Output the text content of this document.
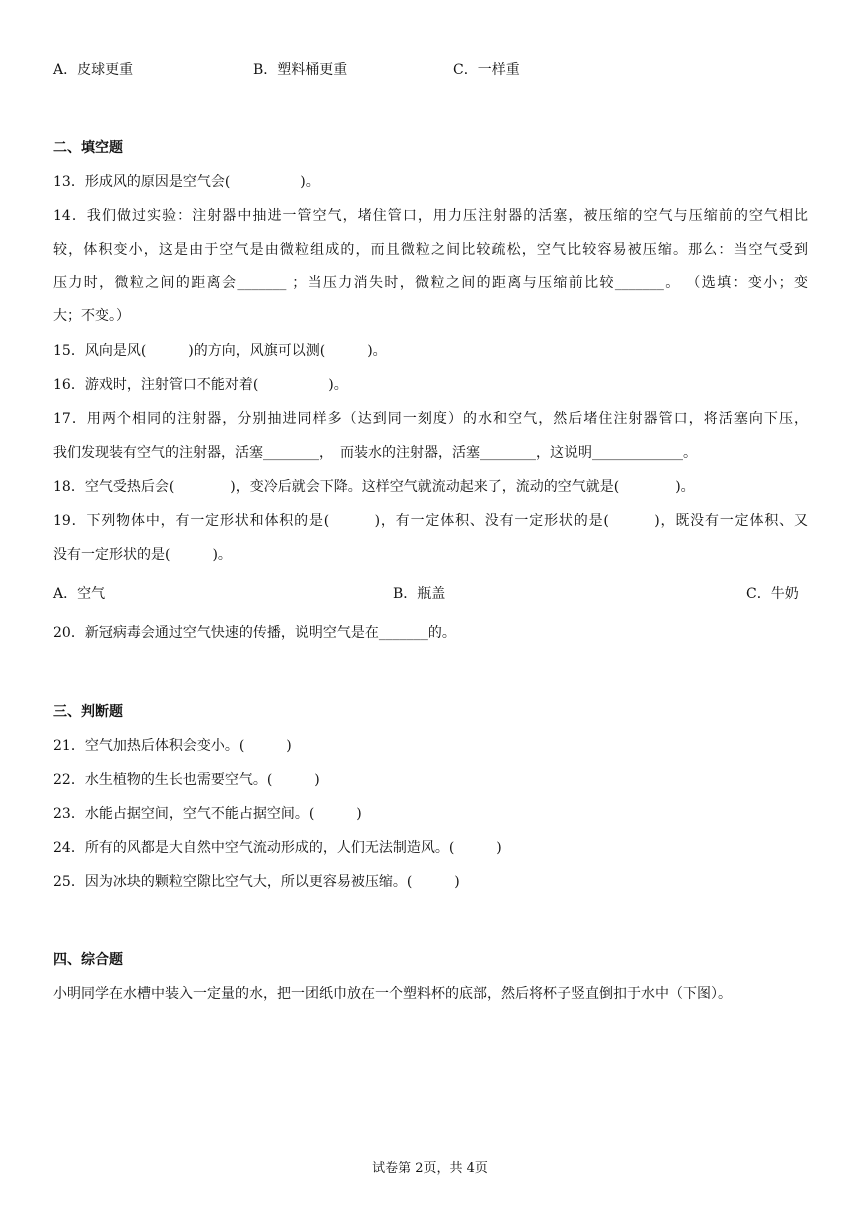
A．皮球更重	B．塑料桶更重	C．一样重
二、填空题
13．形成风的原因是空气会(　　　　　)。
14．我们做过实验：注射器中抽进一管空气，堵住管口，用力压注射器的活塞，被压缩的空气与压缩前的空气相比
较，体积变小，这是由于空气是由微粒组成的，而且微粒之间比较疏松，空气比较容易被压缩。那么：当空气受到
压力时，微粒之间的距离会_______ ；当压力消失时，微粒之间的距离与压缩前比较_______。 （选填：变小；变
大；不变。）
15．风向是风(　　　)的方向，风旗可以测(　　　)。
16．游戏时，注射管口不能对着(　　　　　)。
17．用两个相同的注射器，分别抽进同样多（达到同一刻度）的水和空气，然后堵住注射器管口，将活塞向下压，
我们发现装有空气的注射器，活塞________，　而装水的注射器，活塞________，这说明_____________。
18．空气受热后会(　　　　)，变冷后就会下降。这样空气就流动起来了，流动的空气就是(　　　　)。
19．下列物体中，有一定形状和体积的是(　　　)，有一定体积、没有一定形状的是(　　　)，既没有一定体积、又
没有一定形状的是(　　　)。
A．空气	B．瓶盖	C．牛奶
20．新冠病毒会通过空气快速的传播，说明空气是在_______的。
三、判断题
21．空气加热后体积会变小。(　　　)
22．水生植物的生长也需要空气。(　　　)
23．水能占据空间，空气不能占据空间。(　　　)
24．所有的风都是大自然中空气流动形成的，人们无法制造风。(　　　)
25．因为冰块的颗粒空隙比空气大，所以更容易被压缩。(　　　)
四、综合题
小明同学在水槽中装入一定量的水，把一团纸巾放在一个塑料杯的底部，然后将杯子竖直倒扣于水中（下图）。
试卷第 2页，共 4页
